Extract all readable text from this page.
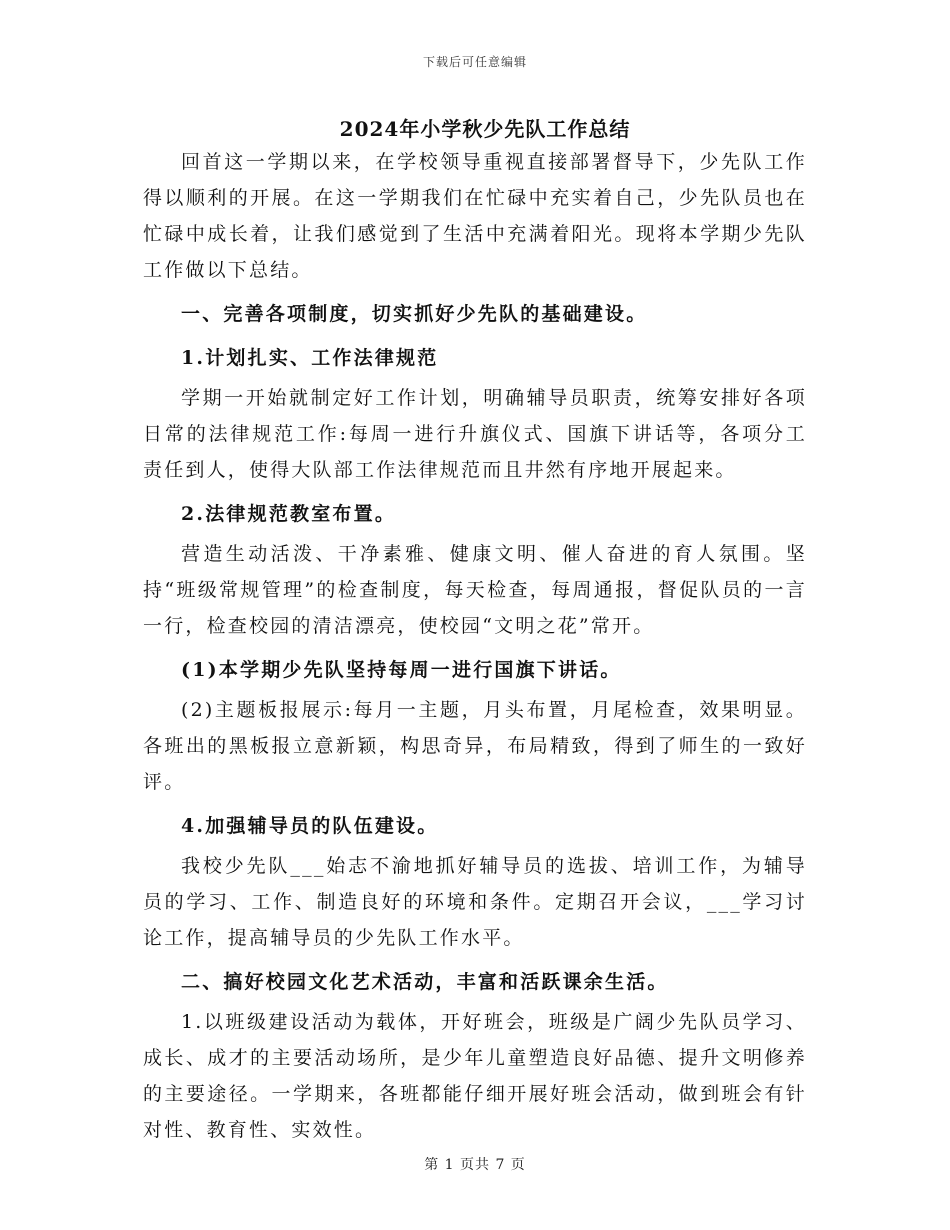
下载后可任意编辑
2024年小学秋少先队工作总结

回首这一学期以来，在学校领导重视直接部署督导下，少先队工作得以顺利的开展。在这一学期我们在忙碌中充实着自己，少先队员也在忙碌中成长着，让我们感觉到了生活中充满着阳光。现将本学期少先队工作做以下总结。

一、完善各项制度，切实抓好少先队的基础建设。

1.计划扎实、工作法律规范

学期一开始就制定好工作计划，明确辅导员职责，统筹安排好各项日常的法律规范工作:每周一进行升旗仪式、国旗下讲话等，各项分工责任到人，使得大队部工作法律规范而且井然有序地开展起来。

2.法律规范教室布置。

营造生动活泼、干净素雅、健康文明、催人奋进的育人氛围。坚持“班级常规管理”的检查制度，每天检查，每周通报，督促队员的一言一行，检查校园的清洁漂亮，使校园“文明之花”常开。

(1)本学期少先队坚持每周一进行国旗下讲话。

(2)主题板报展示:每月一主题，月头布置，月尾检查，效果明显。各班出的黑板报立意新颖，构思奇异，布局精致，得到了师生的一致好评。

4.加强辅导员的队伍建设。

我校少先队___始志不渝地抓好辅导员的选拔、培训工作，为辅导员的学习、工作、制造良好的环境和条件。定期召开会议，___学习讨论工作，提高辅导员的少先队工作水平。

二、搞好校园文化艺术活动，丰富和活跃课余生活。

1.以班级建设活动为载体，开好班会，班级是广阔少先队员学习、成长、成才的主要活动场所，是少年儿童塑造良好品德、提升文明修养的主要途径。一学期来，各班都能仔细开展好班会活动，做到班会有针对性、教育性、实效性。

第 1 页共 7 页
